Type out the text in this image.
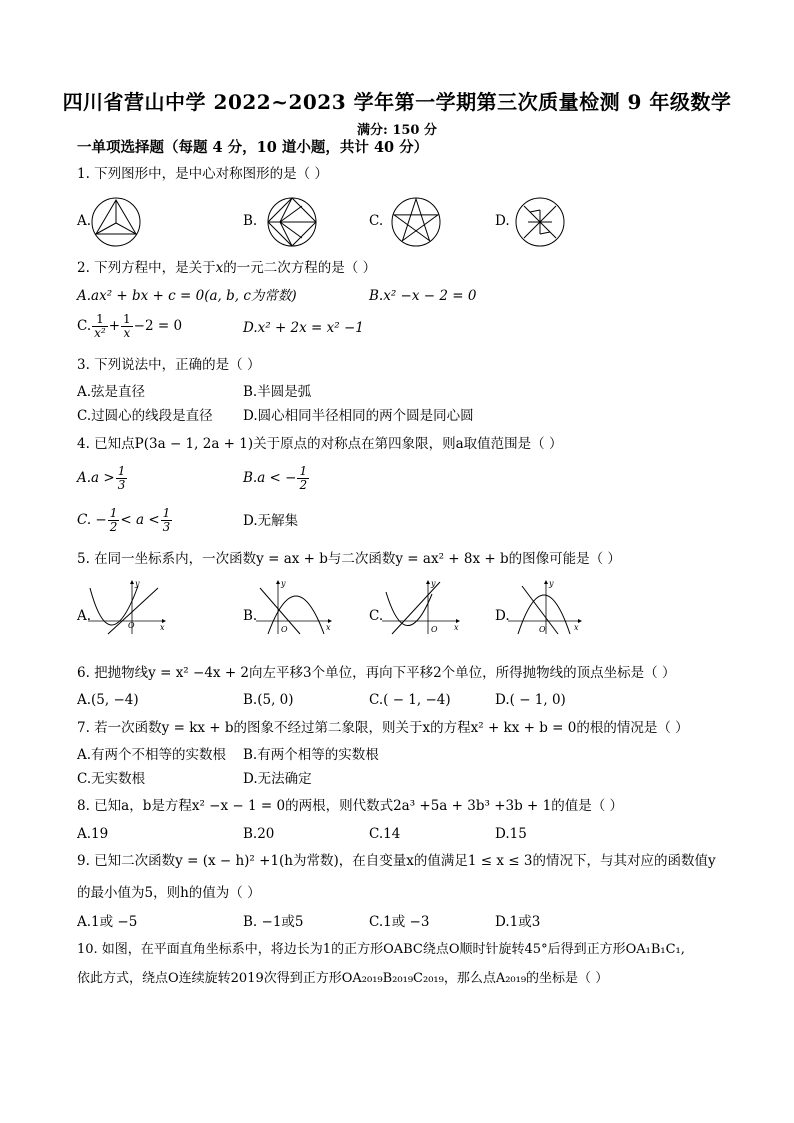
四川省营山中学 2022~2023 学年第一学期第三次质量检测 9 年级数学
满分: 150 分
一单项选择题（每题 4 分，10 道小题，共计 40 分）
1. 下列图形中，是中心对称图形的是（ ）
A.	B.	C.	D.
2. 下列方程中，是关于x的一元二次方程的是（ ）
A.ax² + bx + c = 0(a, b, c为常数)	B.x² −x − 2 = 0
C. $\frac{1}{\text{x²}} + \frac{1}{x} -2 = 0$	D.x² + 2x = x² −1
3. 下列说法中，正确的是（ ）
A.弦是直径	B.半圆是弧
C.过圆心的线段是直径 D.圆心相同半径相同的两个圆是同心圆
4. 已知点P(3a − 1, 2a + 1)关于原点的对称点在第四象限，则a取值范围是（ ）
$A.a > \frac{1}{3}$	B.a < − $\frac{1}{2}$
C. − $\frac{1}{2} < a < \frac{1}{3}$	D.无解集
5. 在同一坐标系内，一次函数y = ax + b与二次函数y = ax² + 8x + b的图像可能是（ ）
A.	B.	C.	D.
O	x
y
O	x
y
O x
y
O	x
y
6. 把抛物线y = x² −4x + 2向左平移3个单位，再向下平移2个单位，所得抛物线的顶点坐标是（ ）
A.(5, −4)	B.(5, 0)	C.( − 1, −4)	D.( − 1, 0)
7. 若一次函数y = kx + b的图象不经过第二象限，则关于x的方程x² + kx + b = 0的根的情况是（ ）
A.有两个不相等的实数根 B.有两个相等的实数根
C.无实数根	D.无法确定
8. 已知a，b是方程x² −x − 1 = 0的两根，则代数式2a³ +5a + 3b³ +3b + 1的值是（ ）
A.19	B.20	C.14	D.15
9. 已知二次函数y = (x − h)² +1(h为常数)，在自变量x的值满足1 ≤ x ≤ 3的情况下，与其对应的函数值y
的最小值为5，则h的值为（ ）
A.1或 −5	B. −1或5	C.1或 −3	D.1或3
10. 如图，在平面直角坐标系中，将边长为1的正方形OABC绕点O顺时针旋转45°后得到正方形OA₁B₁C₁,
依此方式，绕点O连续旋转2019次得到正方形OA₂₀₁₉B₂₀₁₉C₂₀₁₉，那么点A₂₀₁₉的坐标是（ ）
